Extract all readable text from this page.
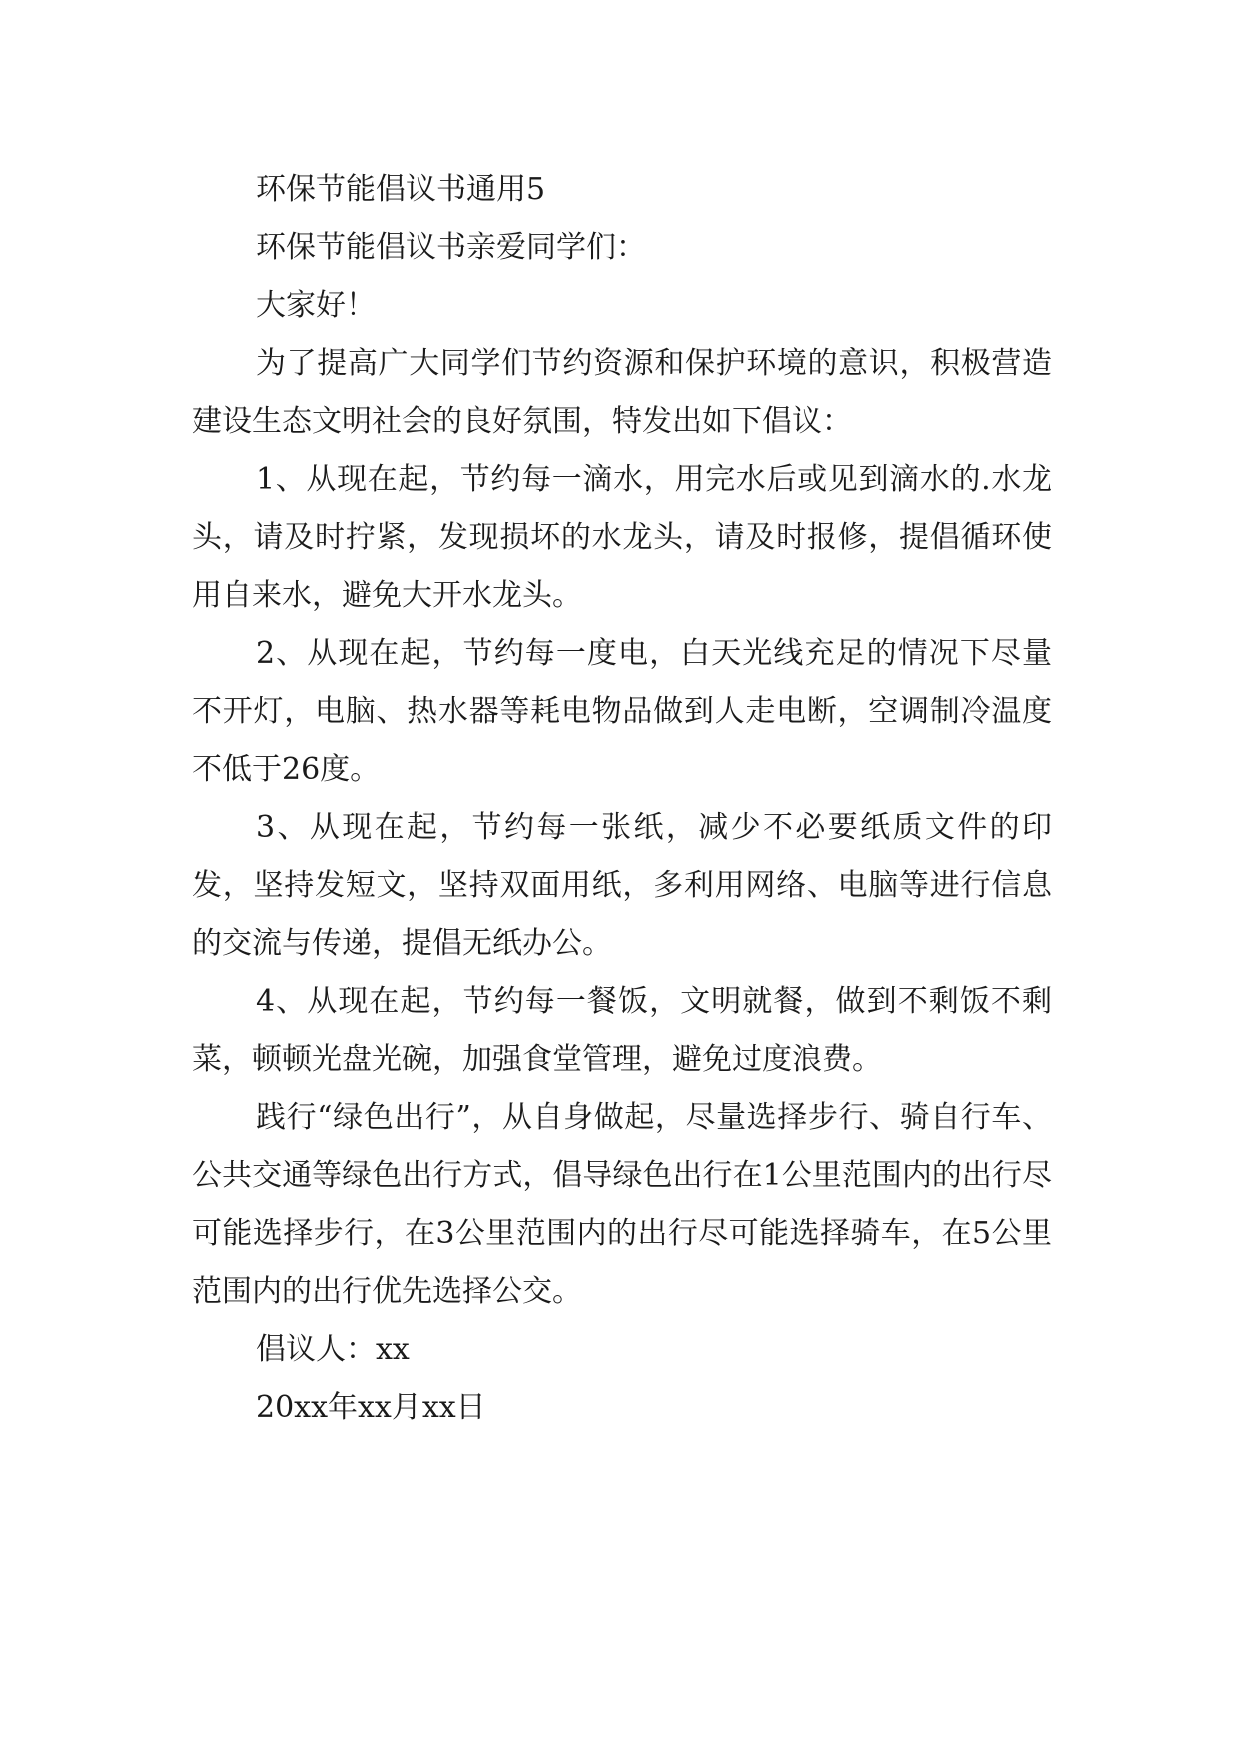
环保节能倡议书通用5

环保节能倡议书亲爱同学们：

大家好！

为了提高广大同学们节约资源和保护环境的意识，积极营造建设生态文明社会的良好氛围，特发出如下倡议：

1、从现在起，节约每一滴水，用完水后或见到滴水的.水龙头，请及时拧紧，发现损坏的水龙头，请及时报修，提倡循环使用自来水，避免大开水龙头。

2、从现在起，节约每一度电，白天光线充足的情况下尽量不开灯，电脑、热水器等耗电物品做到人走电断，空调制冷温度不低于26度。

3、从现在起，节约每一张纸，减少不必要纸质文件的印发，坚持发短文，坚持双面用纸，多利用网络、电脑等进行信息的交流与传递，提倡无纸办公。

4、从现在起，节约每一餐饭，文明就餐，做到不剩饭不剩菜，顿顿光盘光碗，加强食堂管理，避免过度浪费。

践行“绿色出行”，从自身做起，尽量选择步行、骑自行车、公共交通等绿色出行方式，倡导绿色出行在1公里范围内的出行尽可能选择步行，在3公里范围内的出行尽可能选择骑车，在5公里范围内的出行优先选择公交。

倡议人：xx

20xx年xx月xx日
